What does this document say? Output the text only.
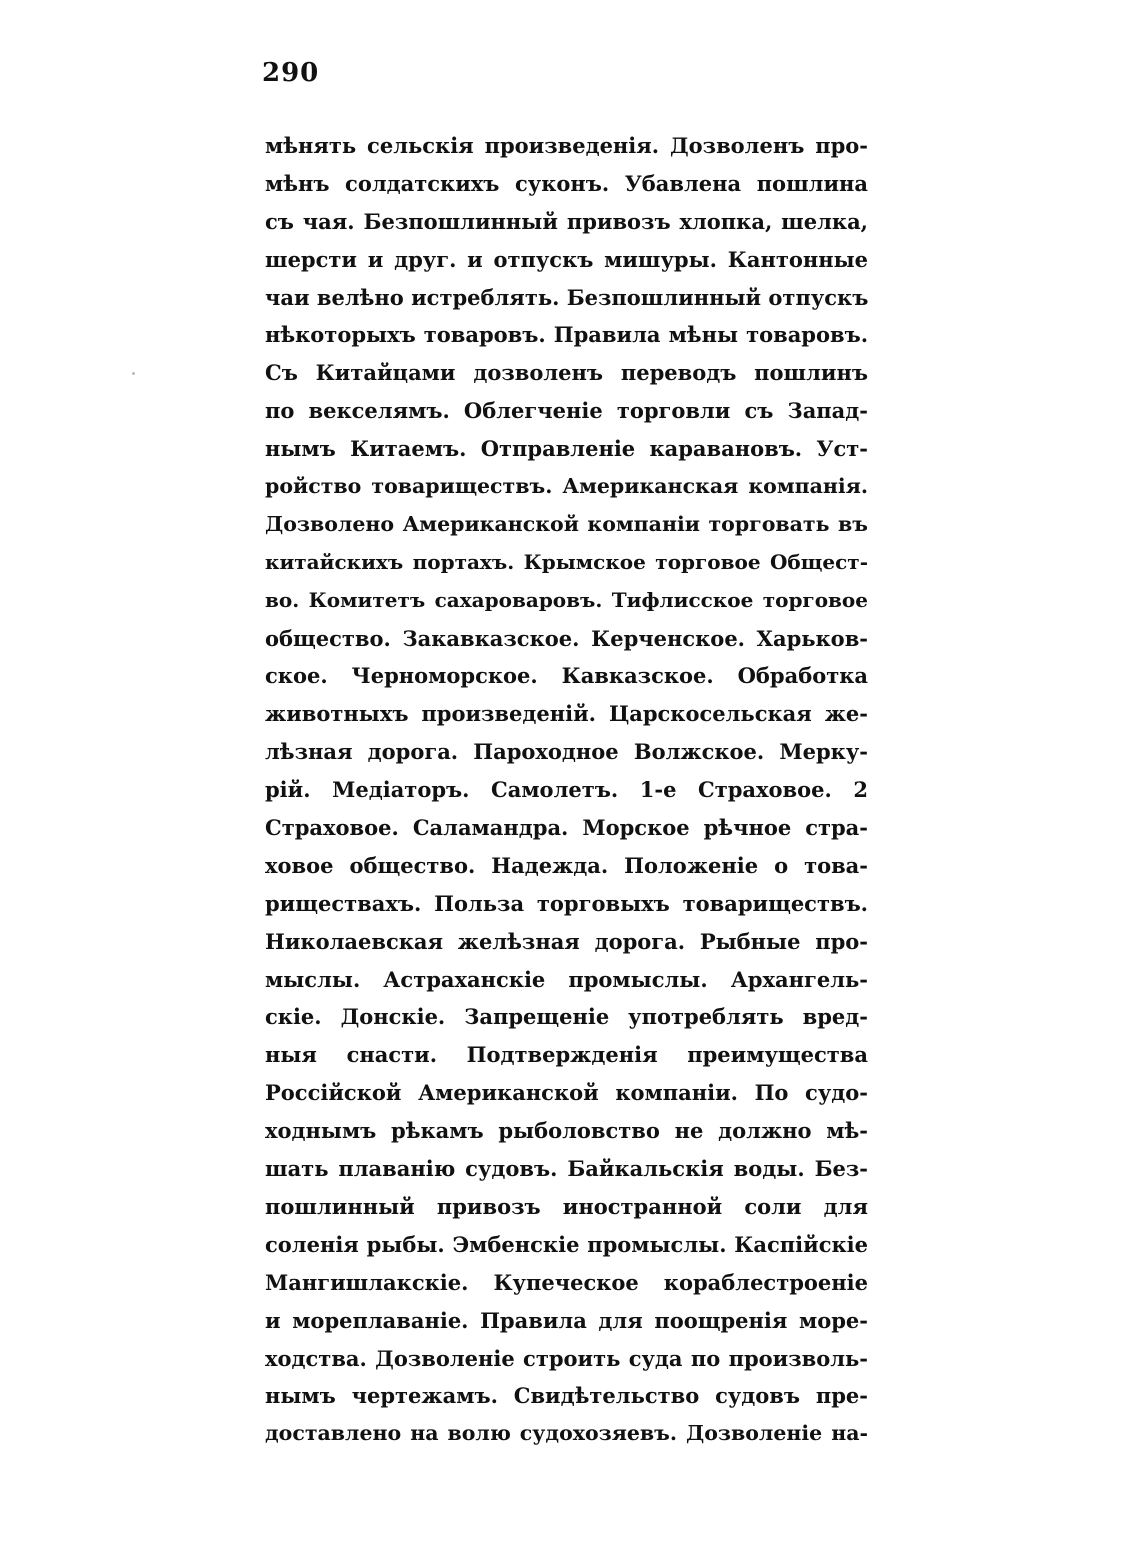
290
мѣнять сельскія произведенія. Дозволенъ про-
мѣнъ солдатскихъ суконъ. Убавлена пошлина
съ чая. Безпошлинный привозъ хлопка, шелка,
шерсти и друг. и отпускъ мишуры. Кантонные
чаи велѣно истреблять. Безпошлинный отпускъ
нѣкоторыхъ товаровъ. Правила мѣны товаровъ.
Съ Китайцами дозволенъ переводъ пошлинъ
по векселямъ. Облегченіе торговли съ Запад-
нымъ Китаемъ. Отправленіе каравановъ. Уст-
ройство товариществъ. Американская компанія.
Дозволено Американской компаніи торговать въ
китайскихъ портахъ. Крымское торговое Общест-
во. Комитетъ сахароваровъ. Тифлисское торговое
общество. Закавказское. Керченское. Харьков-
ское. Черноморское. Кавказское. Обработка
животныхъ произведеній. Царскосельская же-
лѣзная дорога. Пароходное Волжское. Мерку-
рій. Медіаторъ. Самолетъ. 1-е Страховое. 2
Страховое. Саламандра. Морское рѣчное стра-
ховое общество. Надежда. Положеніе о това-
риществахъ. Польза торговыхъ товариществъ.
Николаевская желѣзная дорога. Рыбные про-
мыслы. Астраханскіе промыслы. Архангель-
скіе. Донскіе. Запрещеніе употреблять вред-
ныя снасти. Подтвержденія преимущества
Россійской Американской компаніи. По судо-
ходнымъ рѣкамъ рыболовство не должно мѣ-
шать плаванію судовъ. Байкальскія воды. Без-
пошлинный привозъ иностранной соли для
соленія рыбы. Эмбенскіе промыслы. Каспійскіе
Мангишлакскіе. Купеческое кораблестроеніе
и мореплаваніе. Правила для поощренія море-
ходства. Дозволеніе строить суда по произволь-
нымъ чертежамъ. Свидѣтельство судовъ пре-
доставлено на волю судохозяевъ. Дозволеніе на-
